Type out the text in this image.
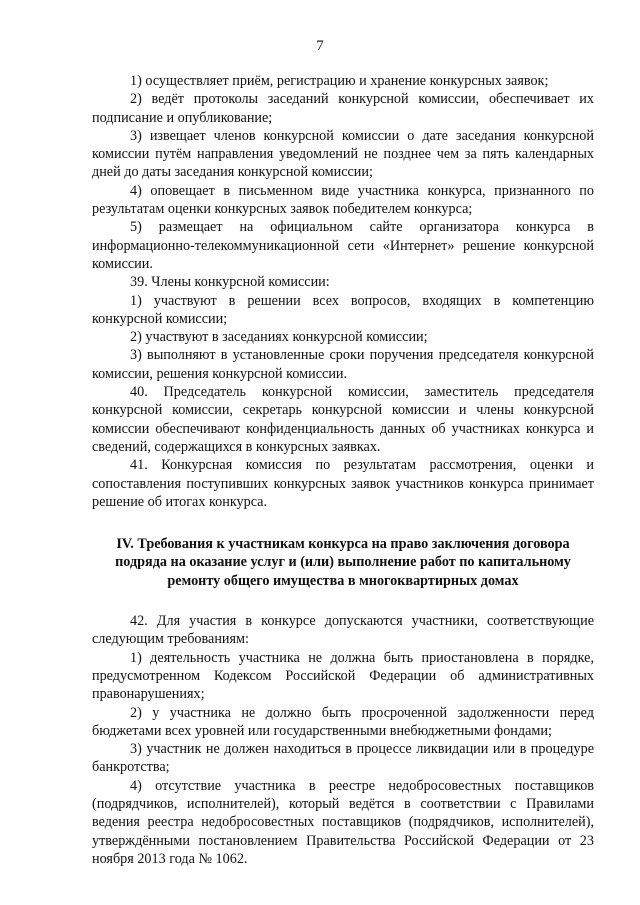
7

1) осуществляет приём, регистрацию и хранение конкурсных заявок;

2) ведёт протоколы заседаний конкурсной комиссии, обеспечивает их подписание и опубликование;

3) извещает членов конкурсной комиссии о дате заседания конкурсной комиссии путём направления уведомлений не позднее чем за пять календарных дней до даты заседания конкурсной комиссии;

4) оповещает в письменном виде участника конкурса, признанного по результатам оценки конкурсных заявок победителем конкурса;

5) размещает на официальном сайте организатора конкурса в информационно-телекоммуникационной сети «Интернет» решение конкурсной комиссии.

39. Члены конкурсной комиссии:

1) участвуют в решении всех вопросов, входящих в компетенцию конкурсной комиссии;

2) участвуют в заседаниях конкурсной комиссии;

3) выполняют в установленные сроки поручения председателя конкурсной комиссии, решения конкурсной комиссии.

40. Председатель конкурсной комиссии, заместитель председателя конкурсной комиссии, секретарь конкурсной комиссии и члены конкурсной комиссии обеспечивают конфиденциальность данных об участниках конкурса и сведений, содержащихся в конкурсных заявках.

41. Конкурсная комиссия по результатам рассмотрения, оценки и сопоставления поступивших конкурсных заявок участников конкурса принимает решение об итогах конкурса.

IV. Требования к участникам конкурса на право заключения договора подряда на оказание услуг и (или) выполнение работ по капитальному ремонту общего имущества в многоквартирных домах

42. Для участия в конкурсе допускаются участники, соответствующие следующим требованиям:

1) деятельность участника не должна быть приостановлена в порядке, предусмотренном Кодексом Российской Федерации об административных правонарушениях;

2) у участника не должно быть просроченной задолженности перед бюджетами всех уровней или государственными внебюджетными фондами;

3) участник не должен находиться в процессе ликвидации или в процедуре банкротства;

4) отсутствие участника в реестре недобросовестных поставщиков (подрядчиков, исполнителей), который ведётся в соответствии с Правилами ведения реестра недобросовестных поставщиков (подрядчиков, исполнителей), утверждёнными постановлением Правительства Российской Федерации от 23 ноября 2013 года № 1062.
